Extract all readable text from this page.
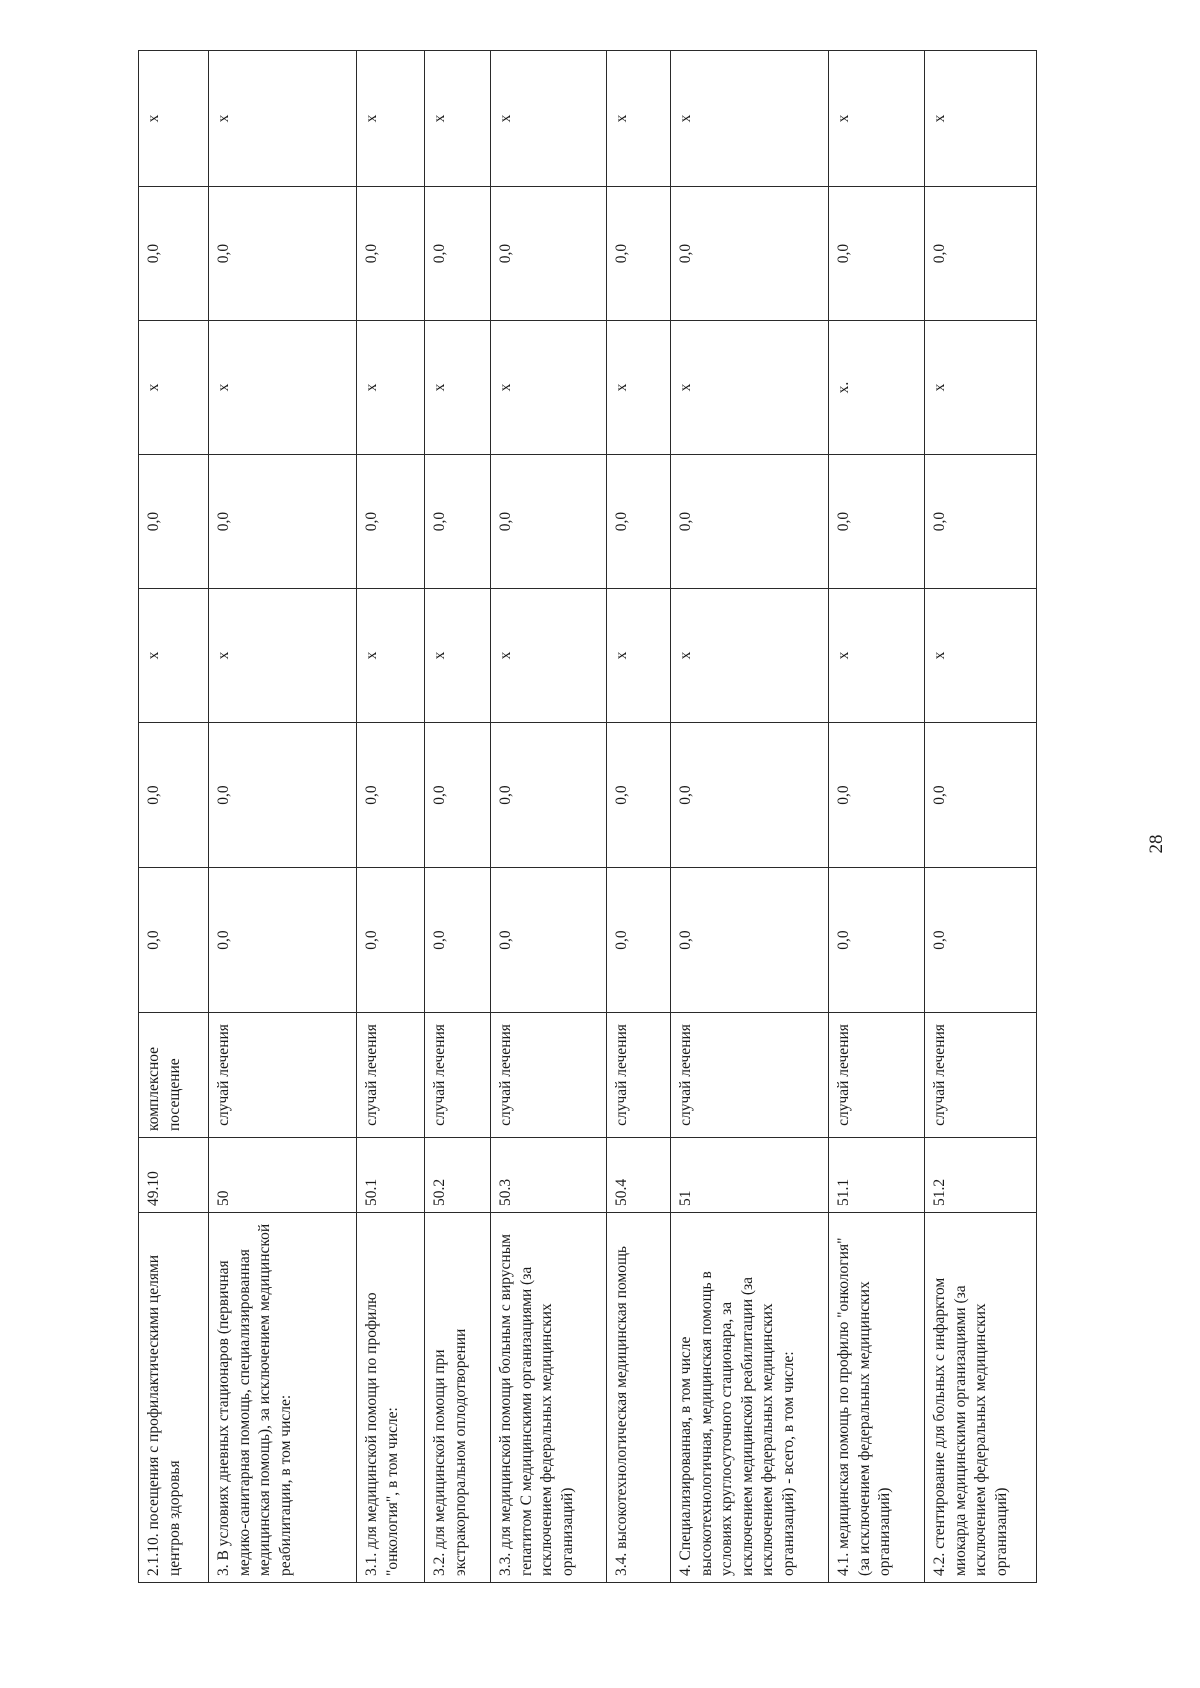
2.1.10. посещения с профилактическими целями центров здоровья	49.10	комплексное посещение	0,0	0,0	х	0,0	х	0,0	х
3. В условиях дневных стационаров (первичная медико-санитарная помощь, специализированная медицинская помощь), за исключением медицинской реабилитации, в том числе:	50	случай лечения	0,0	0,0	х	0,0	х	0,0	х
3.1. для медицинской помощи по профилю "онкология", в том числе:	50.1	случай лечения	0,0	0,0	х	0,0	х	0,0	х
3.2. для медицинской помощи при экстракорпоральном оплодотворении	50.2	случай лечения	0,0	0,0	х	0,0	х	0,0	х
3.3. для медицинской помощи больным с вирусным гепатитом С медицинскими организациями (за исключением федеральных медицинских организаций)	50.3	случай лечения	0,0	0,0	х	0,0	х	0,0	х
3.4. высокотехнологическая медицинская помощь	50.4	случай лечения	0,0	0,0	х	0,0	х	0,0	х
4. Специализированная, в том числе высокотехнологичная, медицинская помощь в условиях круглосуточного стационара, за исключением медицинской реабилитации (за исключением федеральных медицинских организаций) - всего, в том числе:	51	случай лечения	0,0	0,0	х	0,0	х	0,0	х
4.1. медицинская помощь по профилю "онкология" (за исключением федеральных медицинских организаций)	51.1	случай лечения	0,0	0,0	х	0,0	х.	0,0	х
4.2. стентирование для больных с инфарктом миокарда медицинскими организациями (за исключением федеральных медицинских организаций)	51.2	случай лечения	0,0	0,0	х	0,0	х	0,0	х
28
